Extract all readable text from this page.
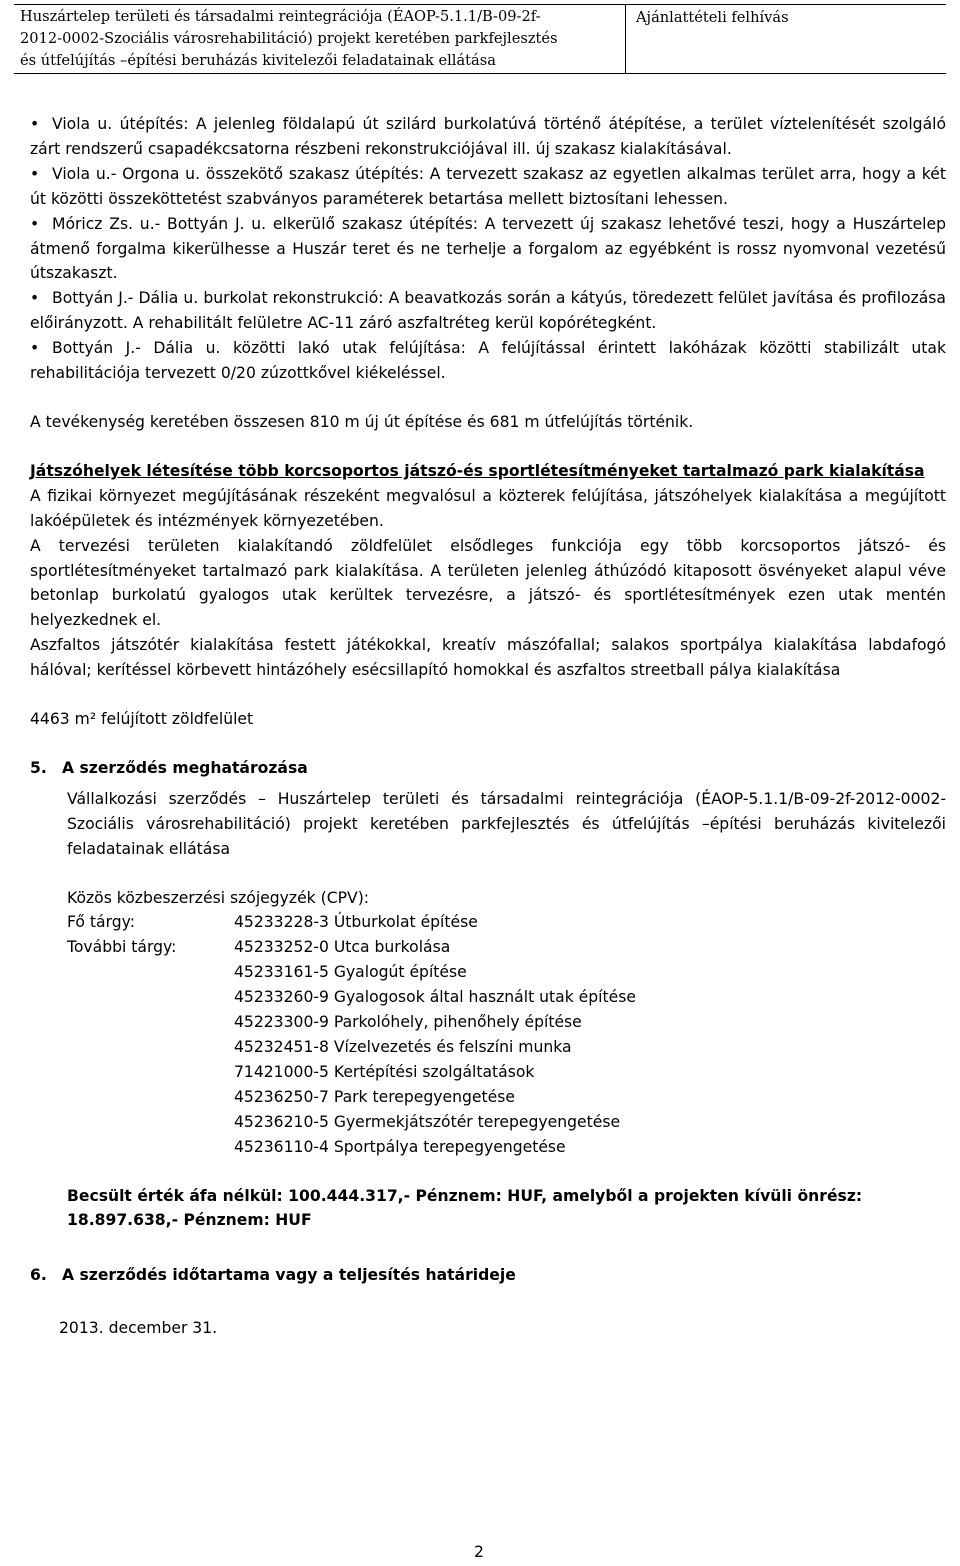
Huszártelep területi és társadalmi reintegrációja (ÉAOP-5.1.1/B-09-2f-
2012-0002-Szociális városrehabilitáció) projekt keretében parkfejlesztés
és útfelújítás –építési beruházás kivitelezői feladatainak ellátása
Ajánlattételi felhívás
• Viola u. útépítés: A jelenleg földalapú út szilárd burkolatúvá történő átépítése, a terület víztelenítését szolgáló zárt rendszerű csapadékcsatorna részbeni rekonstrukciójával ill. új szakasz kialakításával.
• Viola u.- Orgona u. összekötő szakasz útépítés: A tervezett szakasz az egyetlen alkalmas terület arra, hogy a két út közötti összeköttetést szabványos paraméterek betartása mellett biztosítani lehessen.
• Móricz Zs. u.- Bottyán J. u. elkerülő szakasz útépítés: A tervezett új szakasz lehetővé teszi, hogy a Huszártelep átmenő forgalma kikerülhesse a Huszár teret és ne terhelje a forgalom az egyébként is rossz nyomvonal vezetésű útszakaszt.
• Bottyán J.- Dália u. burkolat rekonstrukció: A beavatkozás során a kátyús, töredezett felület javítása és profilozása előirányzott. A rehabilitált felületre AC-11 záró aszfaltréteg kerül kopórétegként.
• Bottyán J.- Dália u. közötti lakó utak felújítása: A felújítással érintett lakóházak közötti stabilizált utak rehabilitációja tervezett 0/20 zúzottkővel kiékeléssel.
A tevékenység keretében összesen 810 m új út építése és 681 m útfelújítás történik.
Játszóhelyek létesítése több korcsoportos játszó-és sportlétesítményeket tartalmazó park kialakítása
A fizikai környezet megújításának részeként megvalósul a közterek felújítása, játszóhelyek kialakítása a megújított lakóépületek és intézmények környezetében.
A tervezési területen kialakítandó zöldfelület elsődleges funkciója egy több korcsoportos játszó- és sportlétesítményeket tartalmazó park kialakítása. A területen jelenleg áthúzódó kitaposott ösvényeket alapul véve betonlap burkolatú gyalogos utak kerültek tervezésre, a játszó- és sportlétesítmények ezen utak mentén helyezkednek el.
Aszfaltos játszótér kialakítása festett játékokkal, kreatív mászófallal; salakos sportpálya kialakítása labdafogó hálóval; kerítéssel körbevett hintázóhely esécsillapító homokkal és aszfaltos streetball pálya kialakítása
4463 m² felújított zöldfelület
5. A szerződés meghatározása
Vállalkozási szerződés – Huszártelep területi és társadalmi reintegrációja (ÉAOP-5.1.1/B-09-2f-2012-0002-Szociális városrehabilitáció) projekt keretében parkfejlesztés és útfelújítás –építési beruházás kivitelezői feladatainak ellátása
Közös közbeszerzési szójegyzék (CPV):
Fő tárgy:	45233228-3 Útburkolat építése
További tárgy:	45233252-0 Utca burkolása
45233161-5 Gyalogút építése
45233260-9 Gyalogosok által használt utak építése
45223300-9 Parkolóhely, pihenőhely építése
45232451-8 Vízelvezetés és felszíni munka
71421000-5 Kertépítési szolgáltatások
45236250-7 Park terepegyengetése
45236210-5 Gyermekjátszótér terepegyengetése
45236110-4 Sportpálya terepegyengetése
Becsült érték áfa nélkül: 100.444.317,- Pénznem: HUF, amelyből a projekten kívüli önrész: 18.897.638,- Pénznem: HUF
6. A szerződés időtartama vagy a teljesítés határideje
2013. december 31.
2
